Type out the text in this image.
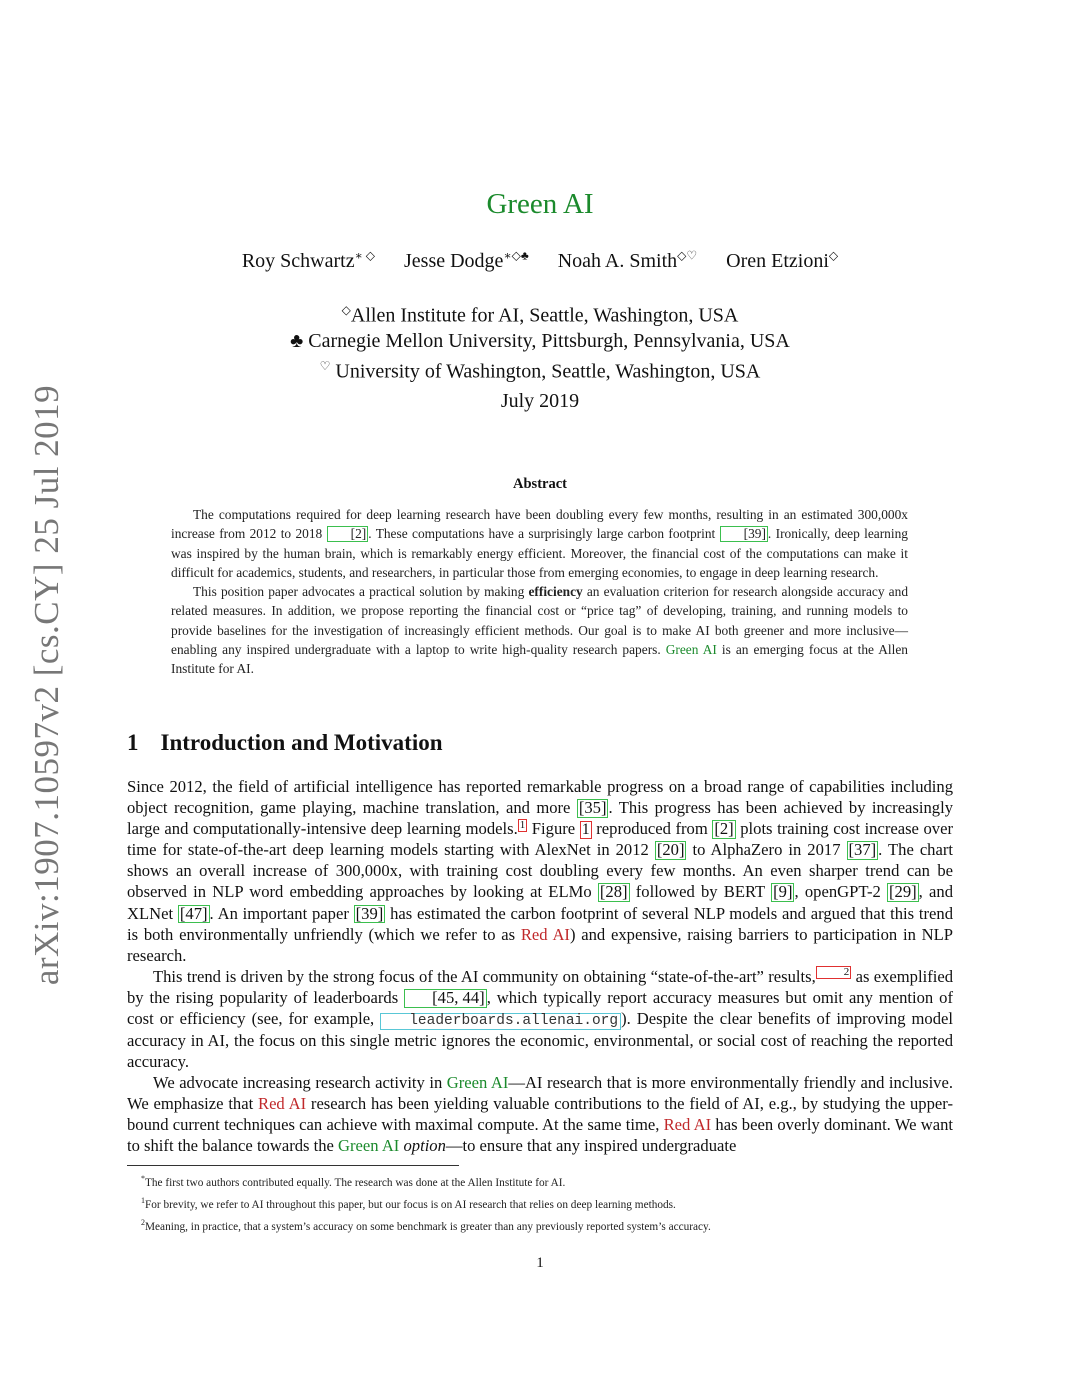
arXiv:1907.10597v2 [cs.CY] 25 Jul 2019
Green AI
Roy Schwartz∗ ◇ Jesse Dodge∗◇♣ Noah A. Smith◇♡ Oren Etzioni◇
◇Allen Institute for AI, Seattle, Washington, USA
♣ Carnegie Mellon University, Pittsburgh, Pennsylvania, USA
♡ University of Washington, Seattle, Washington, USA
July 2019
Abstract

The computations required for deep learning research have been doubling every few months, resulting in an estimated 300,000x increase from 2012 to 2018 [2] . These computations have a surprisingly large carbon footprint [39] . Ironically, deep learning was inspired by the human brain, which is remarkably energy efficient. Moreover, the financial cost of the computations can make it difficult for academics, students, and researchers, in particular those from emerging economies, to engage in deep learning research.

This position paper advocates a practical solution by making efficiency an evaluation criterion for research alongside accuracy and related measures. In addition, we propose reporting the financial cost or “price tag” of developing, training, and running models to provide baselines for the investigation of increasingly efficient methods. Our goal is to make AI both greener and more inclusive—enabling any inspired undergraduate with a laptop to write high-quality research papers. Green AI is an emerging focus at the Allen Institute for AI.

1 Introduction and Motivation

Since 2012, the field of artificial intelligence has reported remarkable progress on a broad range of capabilities including object recognition, game playing, machine translation, and more [35] . This progress has been achieved by increasingly large and computationally-intensive deep learning models. 1 Figure 1 reproduced from [2] plots training cost increase over time for state-of-the-art deep learning models starting with AlexNet in 2012 [20] to AlphaZero in 2017 [37] . The chart shows an overall increase of 300,000x, with training cost doubling every few months. An even sharper trend can be observed in NLP word embedding approaches by looking at ELMo [28] followed by BERT [9] , openGPT-2 [29] , and XLNet [47] . An important paper [39] has estimated the carbon footprint of several NLP models and argued that this trend is both environmentally unfriendly (which we refer to as Red AI) and expensive, raising barriers to participation in NLP research.

This trend is driven by the strong focus of the AI community on obtaining “state-of-the-art” results,	2 as exemplified by the rising popularity of leaderboards [45, 44] , which typically report accuracy measures but omit any mention of cost or efficiency (see, for example, leaderboards.allenai.org ). Despite the clear benefits of improving model accuracy in AI, the focus on this single metric ignores the economic, environmental, or social cost of reaching the reported accuracy.

We advocate increasing research activity in Green AI—AI research that is more environmentally friendly and inclusive. We emphasize that Red AI research has been yielding valuable contributions to the field of AI, e.g., by studying the upper-bound current techniques can achieve with maximal compute. At the same time, Red AI has been overly dominant. We want to shift the balance towards the Green AI option—to ensure that any inspired undergraduate

*The first two authors contributed equally. The research was done at the Allen Institute for AI.
$^1$For brevity, we refer to AI throughout this paper, but our focus is on AI research that relies on deep learning methods.
$^2$Meaning, in practice, that a system’s accuracy on some benchmark is greater than any previously reported system’s accuracy.
1
